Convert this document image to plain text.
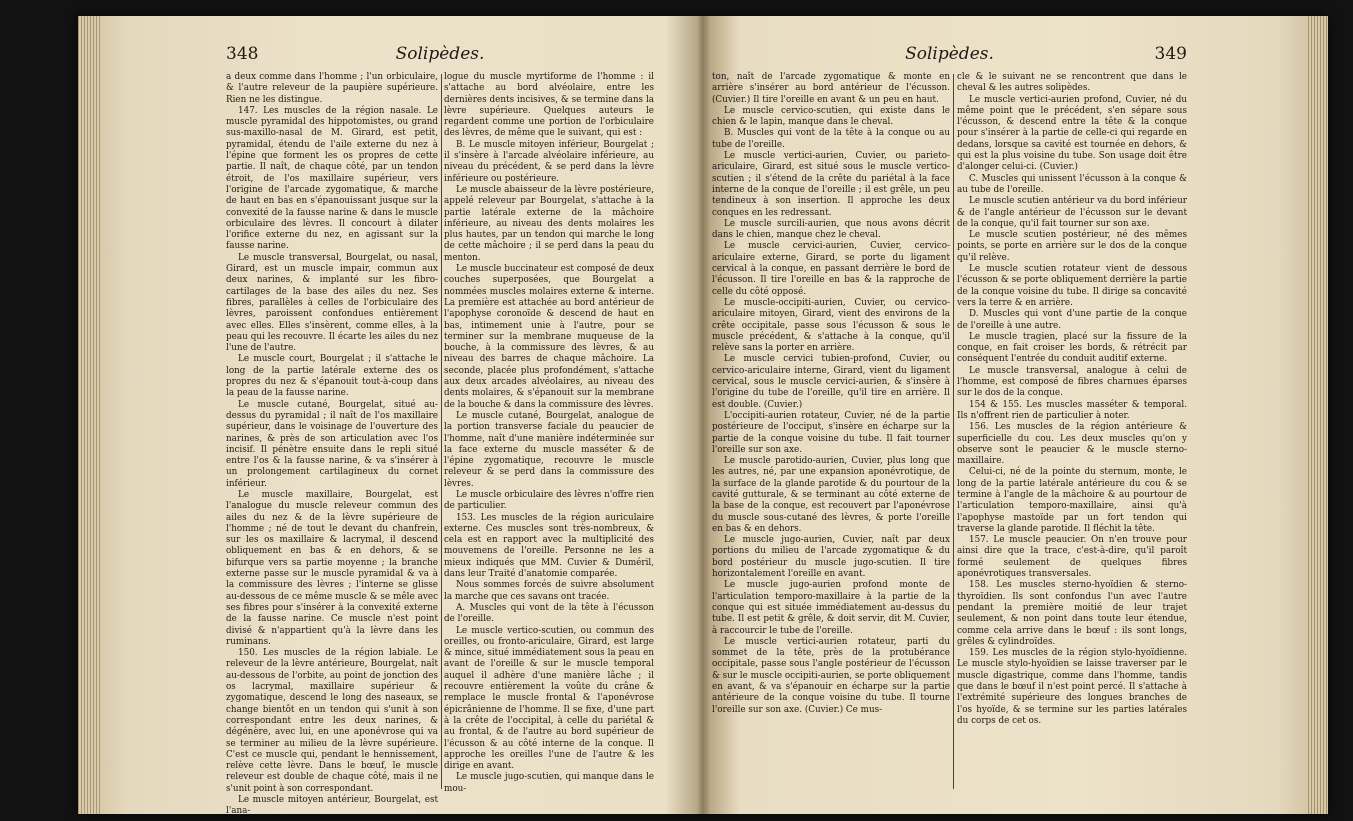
348	Solipèdes.

a deux comme dans l'homme ; l'un orbiculaire, & l'autre releveur de la paupière supérieure. Rien ne les distingue.

147. Les muscles de la région nasale. Le muscle pyramidal des hippotomistes, ou grand sus-maxillo-nasal de M. Girard, est petit, pyramidal, étendu de l'aile externe du nez à l'épine que forment les os propres de cette partie. Il naît, de chaque côté, par un tendon étroit, de l'os maxillaire supérieur, vers l'origine de l'arcade zygomatique, & marche de haut en bas en s'épanouissant jusque sur la convexité de la fausse narine & dans le muscle orbiculaire des lèvres. Il concourt à dilater l'orifice externe du nez, en agissant sur la fausse narine.

Le muscle transversal, Bourgelat, ou nasal, Girard, est un muscle impair, commun aux deux narines, & implanté sur les fibro-cartilages de la base des ailes du nez. Ses fibres, parallèles à celles de l'orbiculaire des lèvres, paroissent confondues entièrement avec elles. Elles s'insèrent, comme elles, à la peau qui les recouvre. Il écarte les ailes du nez l'une de l'autre.

Le muscle court, Bourgelat ; il s'attache le long de la partie latérale externe des os propres du nez & s'épanouit tout-à-coup dans la peau de la fausse narine.

Le muscle cutané, Bourgelat, situé au-dessus du pyramidal ; il naît de l'os maxillaire supérieur, dans le voisinage de l'ouverture des narines, & près de son articulation avec l'os incisif. Il pénètre ensuite dans le repli situé entre l'os & la fausse narine, & va s'insérer à un prolongement cartilagineux du cornet inférieur.

Le muscle maxillaire, Bourgelat, est l'analogue du muscle releveur commun des ailes du nez & de la lèvre supérieure de l'homme ; né de tout le devant du chanfrein, sur les os maxillaire & lacrymal, il descend obliquement en bas & en dehors, & se bifurque vers sa partie moyenne ; la branche externe passe sur le muscle pyramidal & va à la commissure des lèvres ; l'interne se glisse au-dessous de ce même muscle & se mêle avec ses fibres pour s'insérer à la convexité externe de la fausse narine. Ce muscle n'est point divisé & n'appartient qu'à la lèvre dans les ruminans.

150. Les muscles de la région labiale. Le releveur de la lèvre antérieure, Bourgelat, naît au-dessous de l'orbite, au point de jonction des os lacrymal, maxillaire supérieur & zygomatique, descend le long des naseaux, se change bientôt en un tendon qui s'unit à son correspondant entre les deux narines, & dégénère, avec lui, en une aponévrose qui va se terminer au milieu de la lèvre supérieure. C'est ce muscle qui, pendant le hennissement, relève cette lèvre. Dans le bœuf, le muscle releveur est double de chaque côté, mais il ne s'unit point à son correspondant.

Le muscle mitoyen antérieur, Bourgelat, est l'ana-

logue du muscle myrtiforme de l'homme : il s'attache au bord alvéolaire, entre les dernières dents incisives, & se termine dans la lèvre supérieure. Quelques auteurs le regardent comme une portion de l'orbiculaire des lèvres, de même que le suivant, qui est :

B. Le muscle mitoyen inférieur, Bourgelat ; il s'insère à l'arcade alvéolaire inférieure, au niveau du précédent, & se perd dans la lèvre inférieure ou postérieure.

Le muscle abaisseur de la lèvre postérieure, appelé releveur par Bourgelat, s'attache à la partie latérale externe de la mâchoire inférieure, au niveau des dents molaires les plus hautes, par un tendon qui marche le long de cette mâchoire ; il se perd dans la peau du menton.

Le muscle buccinateur est composé de deux couches superposées, que Bourgelat a nommées muscles molaires externe & interne. La première est attachée au bord antérieur de l'apophyse coronoïde & descend de haut en bas, intimement unie à l'autre, pour se terminer sur la membrane muqueuse de la bouche, à la commissure des lèvres, & au niveau des barres de chaque mâchoire. La seconde, placée plus profondément, s'attache aux deux arcades alvéolaires, au niveau des dents molaires, & s'épanouit sur la membrane de la bouche & dans la commissure des lèvres.

Le muscle cutané, Bourgelat, analogue de la portion transverse faciale du peaucier de l'homme, naît d'une manière indéterminée sur la face externe du muscle masséter & de l'épine zygomatique, recouvre le muscle releveur & se perd dans la commissure des lèvres.

Le muscle orbiculaire des lèvres n'offre rien de particulier.

153. Les muscles de la région auriculaire externe. Ces muscles sont très-nombreux, & cela est en rapport avec la multiplicité des mouvemens de l'oreille. Personne ne les a mieux indiqués que MM. Cuvier & Duméril, dans leur Traité d'anatomie comparée.

Nous sommes forcés de suivre absolument la marche que ces savans ont tracée.

A. Muscles qui vont de la tête à l'écusson de l'oreille.

Le muscle vertico-scutien, ou commun des oreilles, ou fronto-ariculaire, Girard, est large & mince, situé immédiatement sous la peau en avant de l'oreille & sur le muscle temporal auquel il adhère d'une manière lâche ; il recouvre entièrement la voûte du crâne & remplace le muscle frontal & l'aponévrose épicrânienne de l'homme. Il se fixe, d'une part à la crête de l'occipital, à celle du pariétal & au frontal, & de l'autre au bord supérieur de l'écusson & au côté interne de la conque. Il approche les oreilles l'une de l'autre & les dirige en avant.

Le muscle jugo-scutien, qui manque dans le mou-

Solipèdes.	349

ton, naît de l'arcade zygomatique & monte en arrière s'insérer au bord antérieur de l'écusson. (Cuvier.) Il tire l'oreille en avant & un peu en haut.

Le muscle cervico-scutien, qui existe dans le chien & le lapin, manque dans le cheval.

B. Muscles qui vont de la tête à la conque ou au tube de l'oreille.

Le muscle vertici-aurien, Cuvier, ou parieto-ariculaire, Girard, est situé sous le muscle vertico-scutien ; il s'étend de la crête du pariétal à la face interne de la conque de l'oreille ; il est grêle, un peu tendineux à son insertion. Il approche les deux conques en les redressant.

Le muscle surcili-aurien, que nous avons décrit dans le chien, manque chez le cheval.

Le muscle cervici-aurien, Cuvier, cervico-ariculaire externe, Girard, se porte du ligament cervical à la conque, en passant derrière le bord de l'écusson. Il tire l'oreille en bas & la rapproche de celle du côté opposé.

Le muscle-occipiti-aurien, Cuvier, ou cervico-ariculaire mitoyen, Girard, vient des environs de la crête occipitale, passe sous l'écusson & sous le muscle précédent, & s'attache à la conque, qu'il relève sans la porter en arrière.

Le muscle cervici tubien-profond, Cuvier, ou cervico-ariculaire interne, Girard, vient du ligament cervical, sous le muscle cervici-aurien, & s'insère à l'origine du tube de l'oreille, qu'il tire en arrière. Il est double. (Cuvier.)

L'occipiti-aurien rotateur, Cuvier, né de la partie postérieure de l'occiput, s'insère en écharpe sur la partie de la conque voisine du tube. Il fait tourner l'oreille sur son axe.

Le muscle parotido-aurien, Cuvier, plus long que les autres, né, par une expansion aponévrotique, de la surface de la glande parotide & du pourtour de la cavité gutturale, & se terminant au côté externe de la base de la conque, est recouvert par l'aponévrose du muscle sous-cutané des lèvres, & porte l'oreille en bas & en dehors.

Le muscle jugo-aurien, Cuvier, naît par deux portions du milieu de l'arcade zygomatique & du bord postérieur du muscle jugo-scutien. Il tire horizontalement l'oreille en avant.

Le muscle jugo-aurien profond monte de l'articulation temporo-maxillaire à la partie de la conque qui est située immédiatement au-dessus du tube. Il est petit & grêle, & doit servir, dit M. Cuvier, à raccourcir le tube de l'oreille.

Le muscle vertici-aurien rotateur, parti du sommet de la tête, près de la protubérance occipitale, passe sous l'angle postérieur de l'écusson & sur le muscle occipiti-aurien, se porte obliquement en avant, & va s'épanouir en écharpe sur la partie antérieure de la conque voisine du tube. Il tourne l'oreille sur son axe. (Cuvier.) Ce mus-

cle & le suivant ne se rencontrent que dans le cheval & les autres solipèdes.

Le muscle vertici-aurien profond, Cuvier, né du même point que le précédent, s'en sépare sous l'écusson, & descend entre la tête & la conque pour s'insérer à la partie de celle-ci qui regarde en dedans, lorsque sa cavité est tournée en dehors, & qui est la plus voisine du tube. Son usage doit être d'alonger celui-ci. (Cuvier.)

C. Muscles qui unissent l'écusson à la conque & au tube de l'oreille.

Le muscle scutien antérieur va du bord inférieur & de l'angle antérieur de l'écusson sur le devant de la conque, qu'il fait tourner sur son axe.

Le muscle scutien postérieur, né des mêmes points, se porte en arrière sur le dos de la conque qu'il relève.

Le muscle scutien rotateur vient de dessous l'écusson & se porte obliquement derrière la partie de la conque voisine du tube. Il dirige sa concavité vers la terre & en arrière.

D. Muscles qui vont d'une partie de la conque de l'oreille à une autre.

Le muscle tragien, placé sur la fissure de la conque, en fait croiser les bords, & rétrécit par conséquent l'entrée du conduit auditif externe.

Le muscle transversal, analogue à celui de l'homme, est composé de fibres charnues éparses sur le dos de la conque.

154 & 155. Les muscles masséter & temporal. Ils n'offrent rien de particulier à noter.

156. Les muscles de la région antérieure & superficielle du cou. Les deux muscles qu'on y observe sont le peaucier & le muscle sterno-maxillaire.

Celui-ci, né de la pointe du sternum, monte, le long de la partie latérale antérieure du cou & se termine à l'angle de la mâchoire & au pourtour de l'articulation temporo-maxillaire, ainsi qu'à l'apophyse mastoïde par un fort tendon qui traverse la glande parotide. Il fléchit la tête.

157. Le muscle peaucier. On n'en trouve pour ainsi dire que la trace, c'est-à-dire, qu'il paroît formé seulement de quelques fibres aponévrotiques transversales.

158. Les muscles sterno-hyoïdien & sterno-thyroïdien. Ils sont confondus l'un avec l'autre pendant la première moitié de leur trajet seulement, & non point dans toute leur étendue, comme cela arrive dans le bœuf : ils sont longs, grêles & cylindroïdes.

159. Les muscles de la région stylo-hyoïdienne. Le muscle stylo-hyoïdien se laisse traverser par le muscle digastrique, comme dans l'homme, tandis que dans le bœuf il n'est point percé. Il s'attache à l'extrémité supérieure des longues branches de l'os hyoïde, & se termine sur les parties latérales du corps de cet os.
